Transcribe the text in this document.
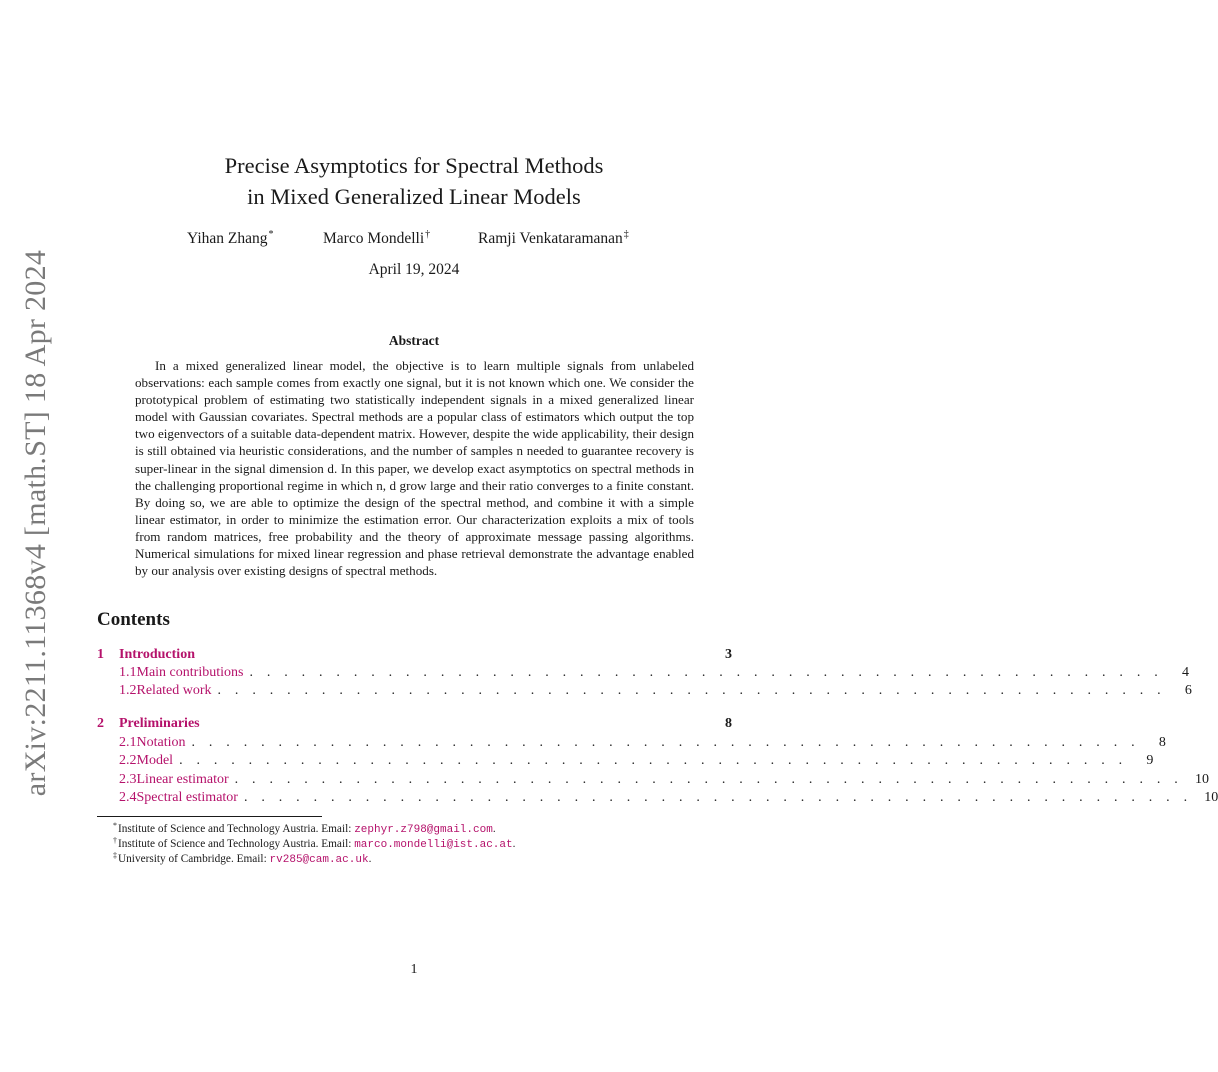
arXiv:2211.11368v4 [math.ST] 18 Apr 2024
Precise Asymptotics for Spectral Methods
in Mixed Generalized Linear Models
Yihan Zhang*	Marco Mondelli†	Ramji Venkataramanan‡
April 19, 2024
Abstract
In a mixed generalized linear model, the objective is to learn multiple signals from unlabeled observations: each sample comes from exactly one signal, but it is not known which one. We consider the prototypical problem of estimating two statistically independent signals in a mixed generalized linear model with Gaussian covariates. Spectral methods are a popular class of estimators which output the top two eigenvectors of a suitable data-dependent matrix. However, despite the wide applicability, their design is still obtained via heuristic considerations, and the number of samples n needed to guarantee recovery is super-linear in the signal dimension d. In this paper, we develop exact asymptotics on spectral methods in the challenging proportional regime in which n, d grow large and their ratio converges to a finite constant. By doing so, we are able to optimize the design of the spectral method, and combine it with a simple linear estimator, in order to minimize the estimation error. Our characterization exploits a mix of tools from random matrices, free probability and the theory of approximate message passing algorithms. Numerical simulations for mixed linear regression and phase retrieval demonstrate the advantage enabled by our analysis over existing designs of spectral methods.
Contents
1	Introduction	3
1.1 Main contributions . . . . . . . . . . . . . . . . . . . . . . . . . . . . . . . . . . . . . . . . . . . . . . . . . . . . .	4
1.2 Related work . . . . . . . . . . . . . . . . . . . . . . . . . . . . . . . . . . . . . . . . . . . . . . . . . . . . . . .	6
2	Preliminaries	8
2.1 Notation . . . . . . . . . . . . . . . . . . . . . . . . . . . . . . . . . . . . . . . . . . . . . . . . . . . . . . .	8
2.2 Model . . . . . . . . . . . . . . . . . . . . . . . . . . . . . . . . . . . . . . . . . . . . . . . . . . . . . . .	9
2.3 Linear estimator . . . . . . . . . . . . . . . . . . . . . . . . . . . . . . . . . . . . . . . . . . . . . . . . . . . . . . . 10
2.4 Spectral estimator . . . . . . . . . . . . . . . . . . . . . . . . . . . . . . . . . . . . . . . . . . . . . . . . . . . . . . . 10
*Institute of Science and Technology Austria. Email: zephyr.z798@gmail.com.
†Institute of Science and Technology Austria. Email: marco.mondelli@ist.ac.at.
‡University of Cambridge. Email: rv285@cam.ac.uk.
1
